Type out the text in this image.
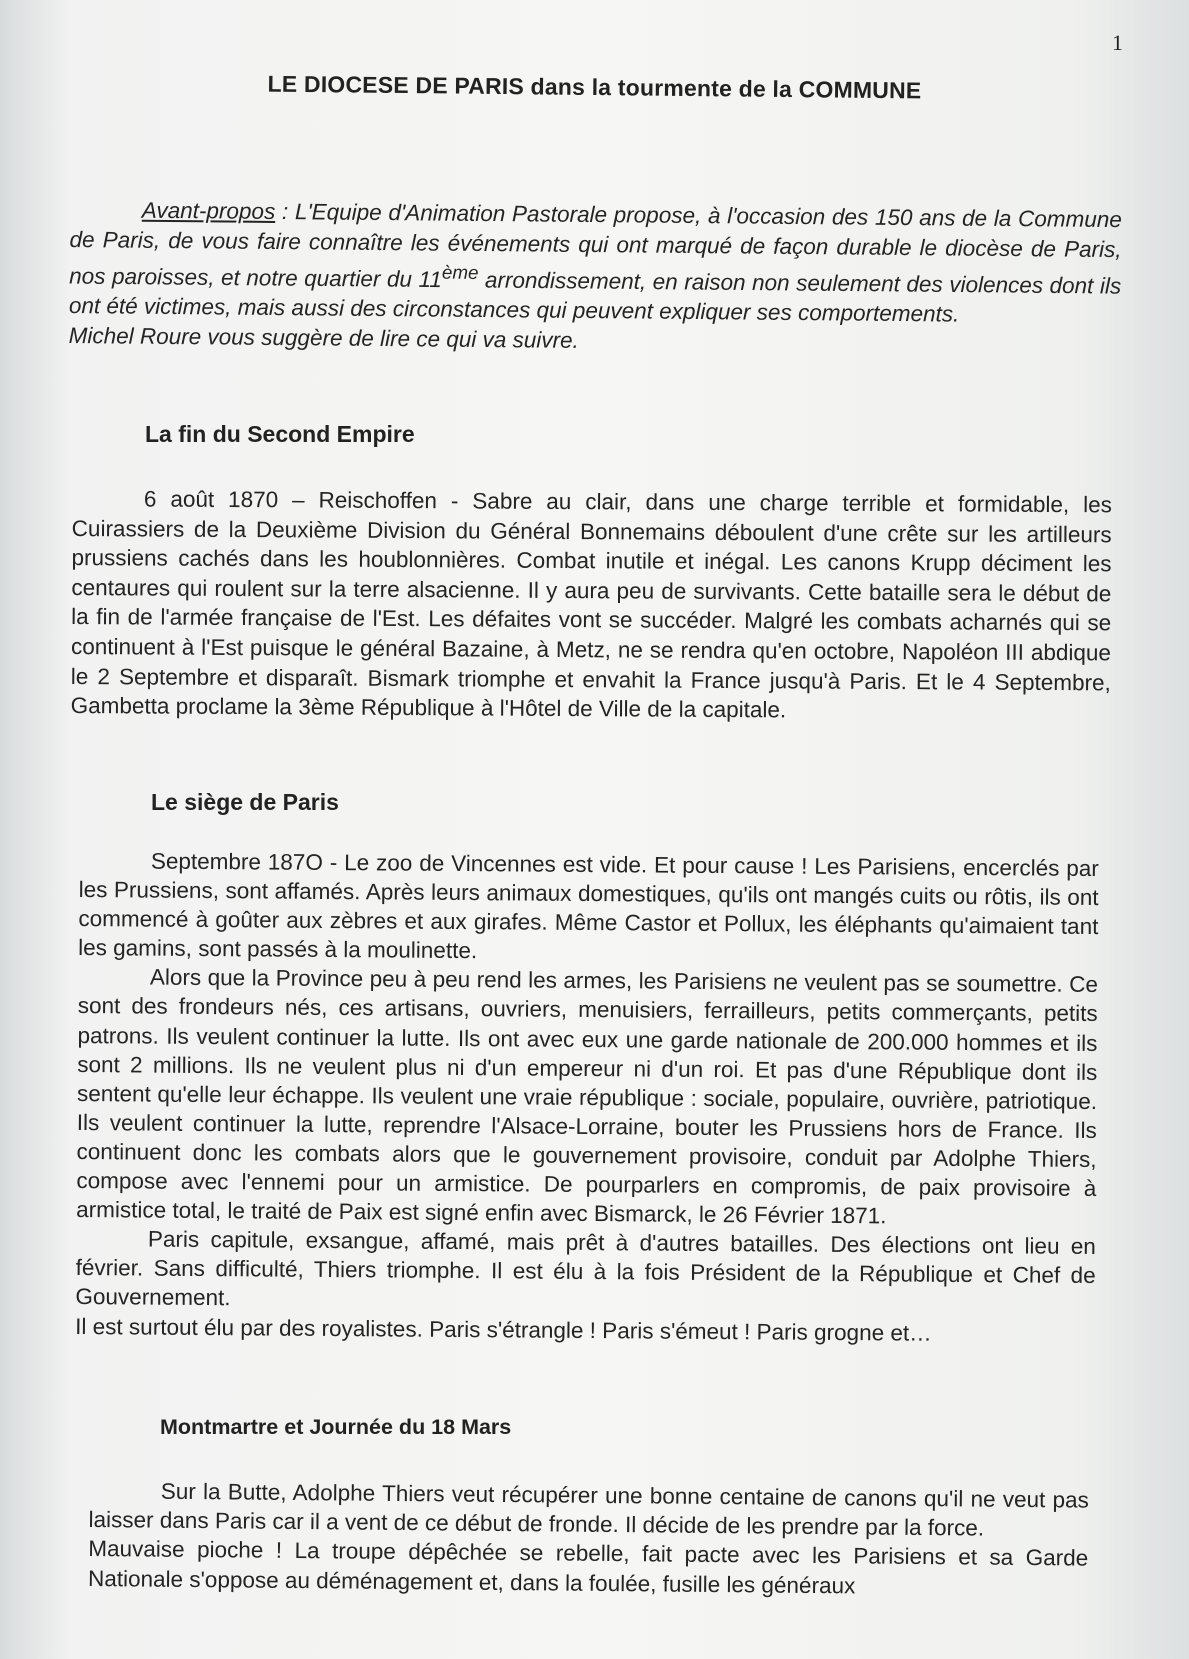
1
LE DIOCESE DE PARIS dans la tourmente de la COMMUNE

Avant-propos : L'Equipe d'Animation Pastorale propose, à l'occasion des 150 ans de la Commune de Paris, de vous faire connaître les événements qui ont marqué de façon durable le diocèse de Paris, nos paroisses, et notre quartier du 11ème arrondissement, en raison non seulement des violences dont ils ont été victimes, mais aussi des circonstances qui peuvent expliquer ses comportements.

Michel Roure vous suggère de lire ce qui va suivre.

La fin du Second Empire

6 août 1870 – Reischoffen - Sabre au clair, dans une charge terrible et formidable, les Cuirassiers de la Deuxième Division du Général Bonnemains déboulent d'une crête sur les artilleurs prussiens cachés dans les houblonnières. Combat inutile et inégal. Les canons Krupp déciment les centaures qui roulent sur la terre alsacienne. Il y aura peu de survivants. Cette bataille sera le début de la fin de l'armée française de l'Est. Les défaites vont se succéder. Malgré les combats acharnés qui se continuent à l'Est puisque le général Bazaine, à Metz, ne se rendra qu'en octobre, Napoléon III abdique le 2 Septembre et disparaît. Bismark triomphe et envahit la France jusqu'à Paris. Et le 4 Septembre, Gambetta proclame la 3ème République à l'Hôtel de Ville de la capitale.

Le siège de Paris

Septembre 187O - Le zoo de Vincennes est vide. Et pour cause ! Les Parisiens, encerclés par les Prussiens, sont affamés. Après leurs animaux domestiques, qu'ils ont mangés cuits ou rôtis, ils ont commencé à goûter aux zèbres et aux girafes. Même Castor et Pollux, les éléphants qu'aimaient tant les gamins, sont passés à la moulinette.

Alors que la Province peu à peu rend les armes, les Parisiens ne veulent pas se soumettre. Ce sont des frondeurs nés, ces artisans, ouvriers, menuisiers, ferrailleurs, petits commerçants, petits patrons. Ils veulent continuer la lutte. Ils ont avec eux une garde nationale de 200.000 hommes et ils sont 2 millions. Ils ne veulent plus ni d'un empereur ni d'un roi. Et pas d'une République dont ils sentent qu'elle leur échappe. Ils veulent une vraie république : sociale, populaire, ouvrière, patriotique. Ils veulent continuer la lutte, reprendre l'Alsace-Lorraine, bouter les Prussiens hors de France. Ils continuent donc les combats alors que le gouvernement provisoire, conduit par Adolphe Thiers, compose avec l'ennemi pour un armistice. De pourparlers en compromis, de paix provisoire à armistice total, le traité de Paix est signé enfin avec Bismarck, le 26 Février 1871.

Paris capitule, exsangue, affamé, mais prêt à d'autres batailles. Des élections ont lieu en février. Sans difficulté, Thiers triomphe. Il est élu à la fois Président de la République et Chef de Gouvernement.

Il est surtout élu par des royalistes. Paris s'étrangle ! Paris s'émeut ! Paris grogne et…

Montmartre et Journée du 18 Mars

Sur la Butte, Adolphe Thiers veut récupérer une bonne centaine de canons qu'il ne veut pas laisser dans Paris car il a vent de ce début de fronde. Il décide de les prendre par la force.

Mauvaise pioche ! La troupe dépêchée se rebelle, fait pacte avec les Parisiens et sa Garde Nationale s'oppose au déménagement et, dans la foulée, fusille les généraux
